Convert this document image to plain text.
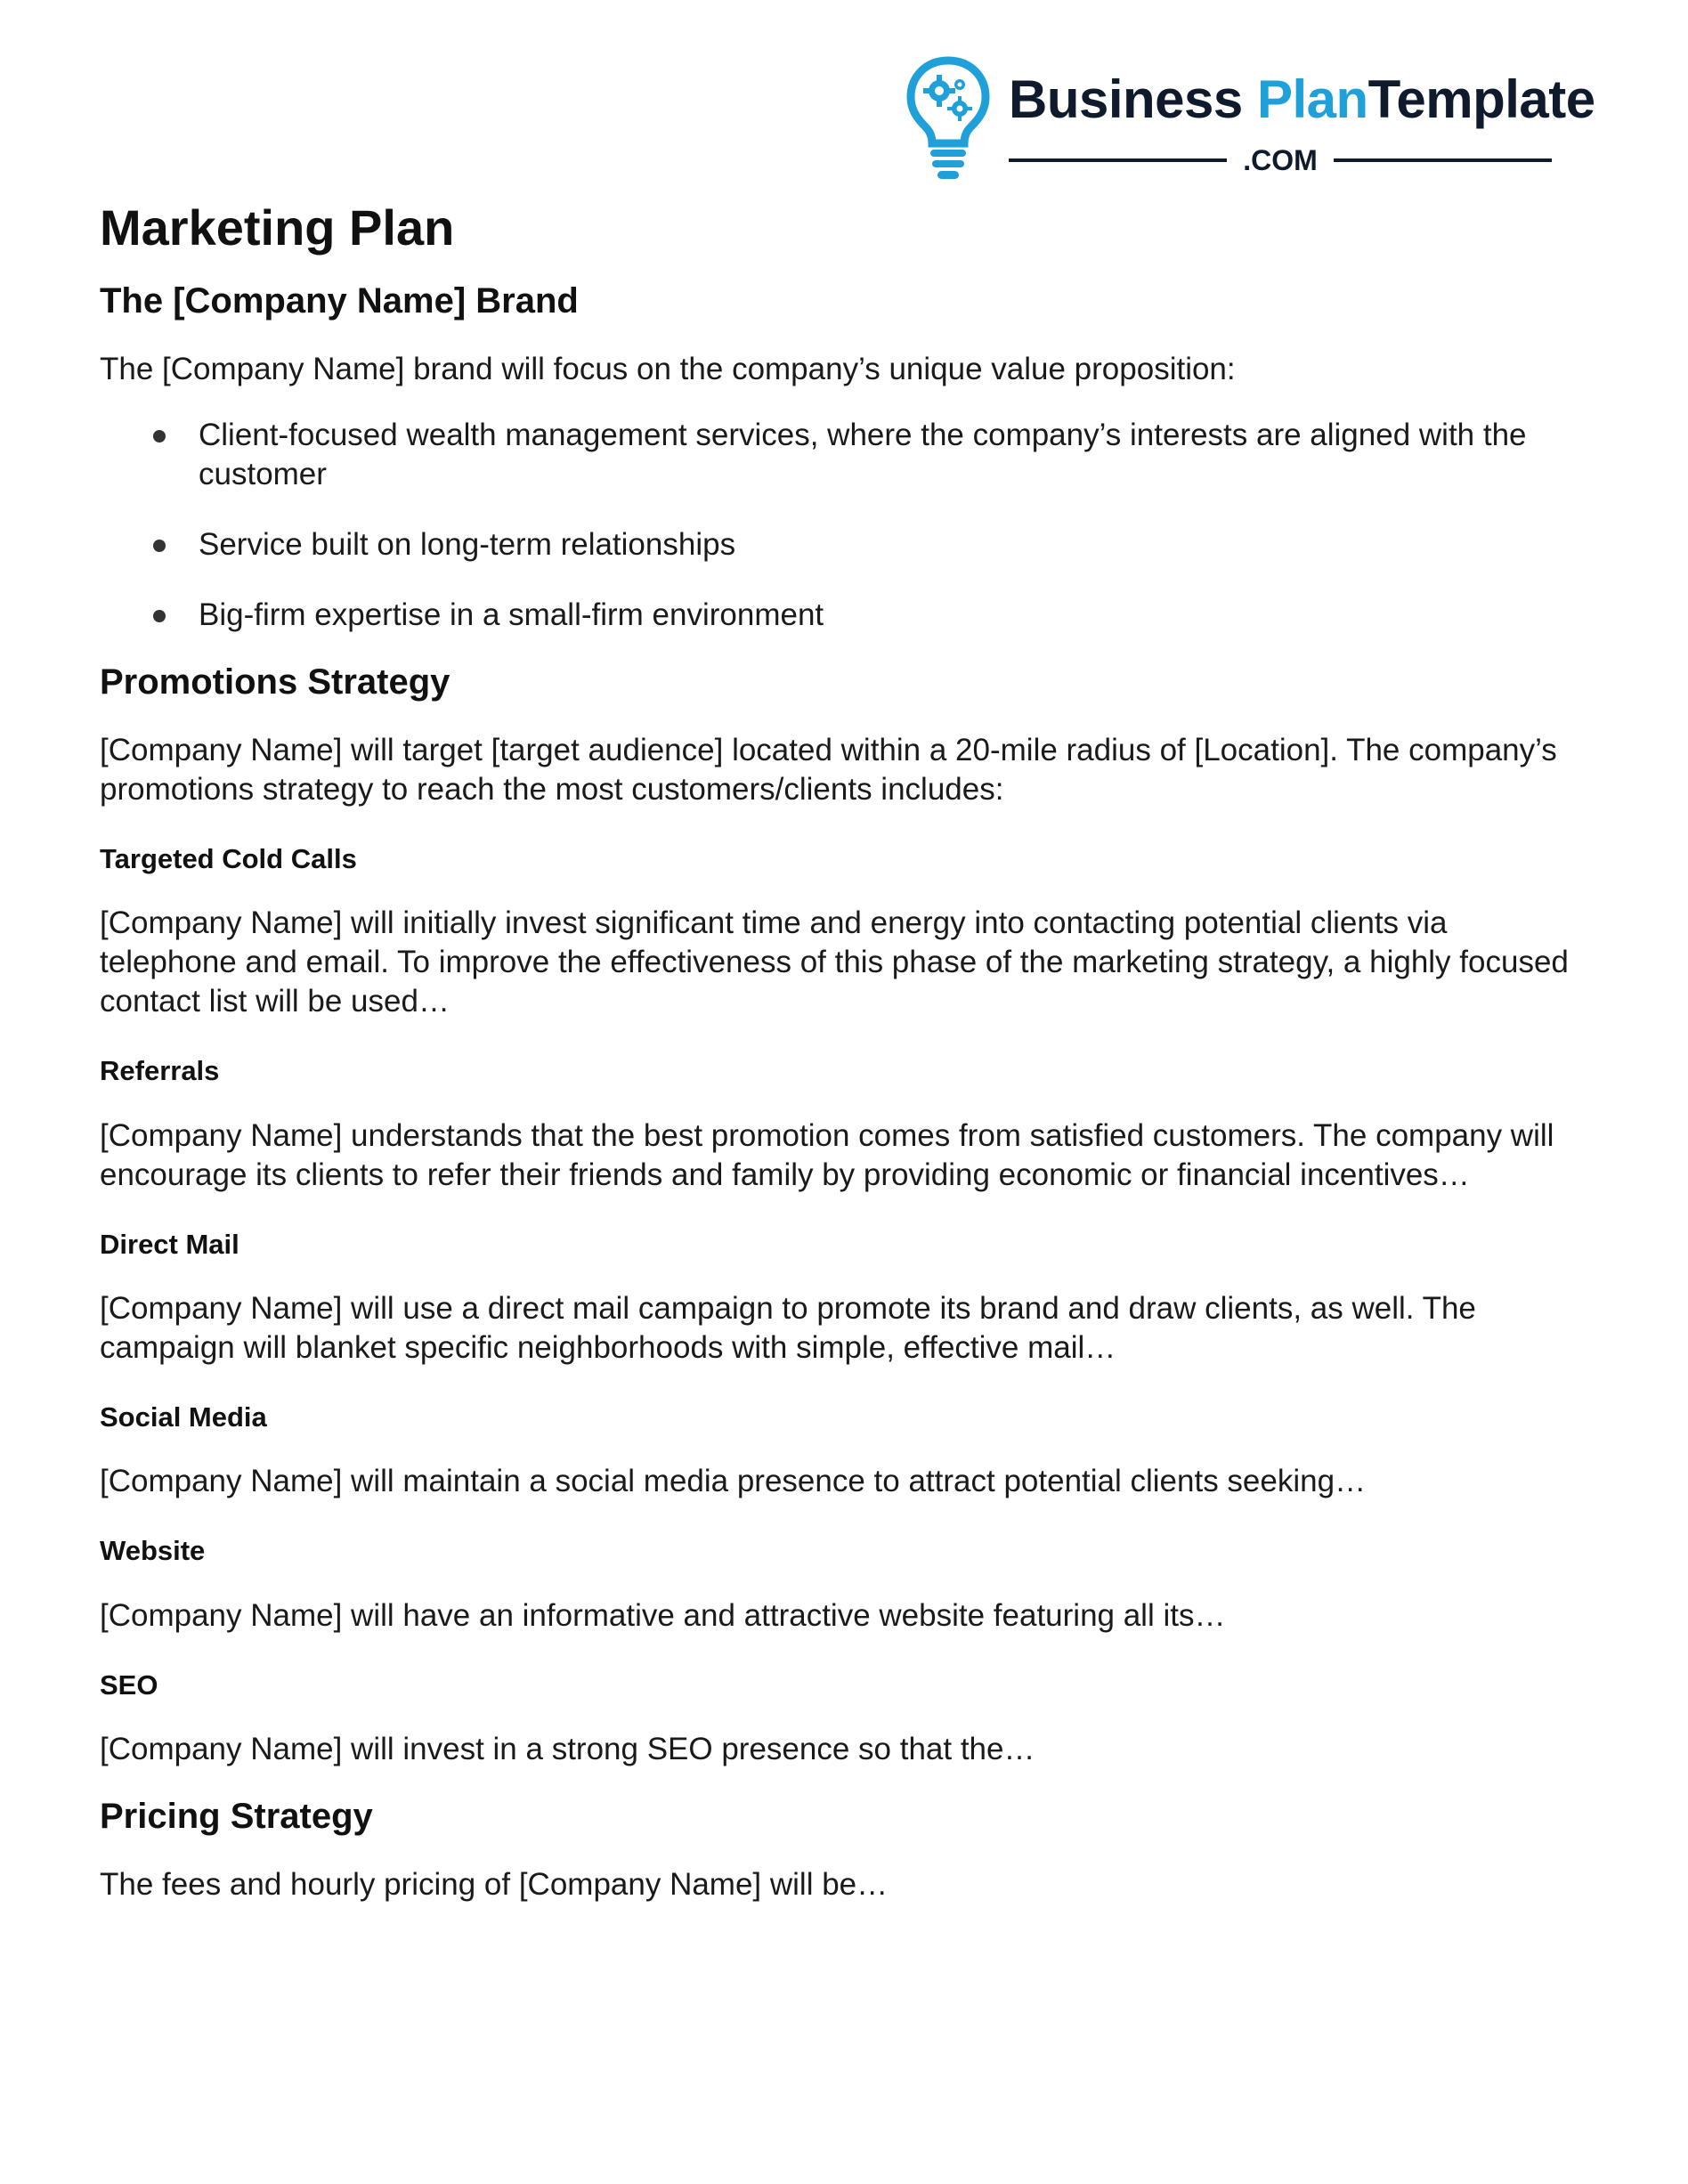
Business PlanTemplate
.COM
Marketing Plan
The [Company Name] Brand

The [Company Name] brand will focus on the company’s unique value proposition:

Client-focused wealth management services, where the company’s interests are aligned with the customer
Service built on long-term relationships
Big-firm expertise in a small-firm environment
Promotions Strategy

[Company Name] will target [target audience] located within a 20-mile radius of [Location]. The company’s promotions strategy to reach the most customers/clients includes:

Targeted Cold Calls

[Company Name] will initially invest significant time and energy into contacting potential clients via telephone and email. To improve the effectiveness of this phase of the marketing strategy, a highly focused contact list will be used…

Referrals

[Company Name] understands that the best promotion comes from satisfied customers. The company will encourage its clients to refer their friends and family by providing economic or financial incentives…

Direct Mail

[Company Name] will use a direct mail campaign to promote its brand and draw clients, as well. The campaign will blanket specific neighborhoods with simple, effective mail…

Social Media

[Company Name] will maintain a social media presence to attract potential clients seeking…

Website

[Company Name] will have an informative and attractive website featuring all its…

SEO

[Company Name] will invest in a strong SEO presence so that the…

Pricing Strategy

The fees and hourly pricing of [Company Name] will be…
